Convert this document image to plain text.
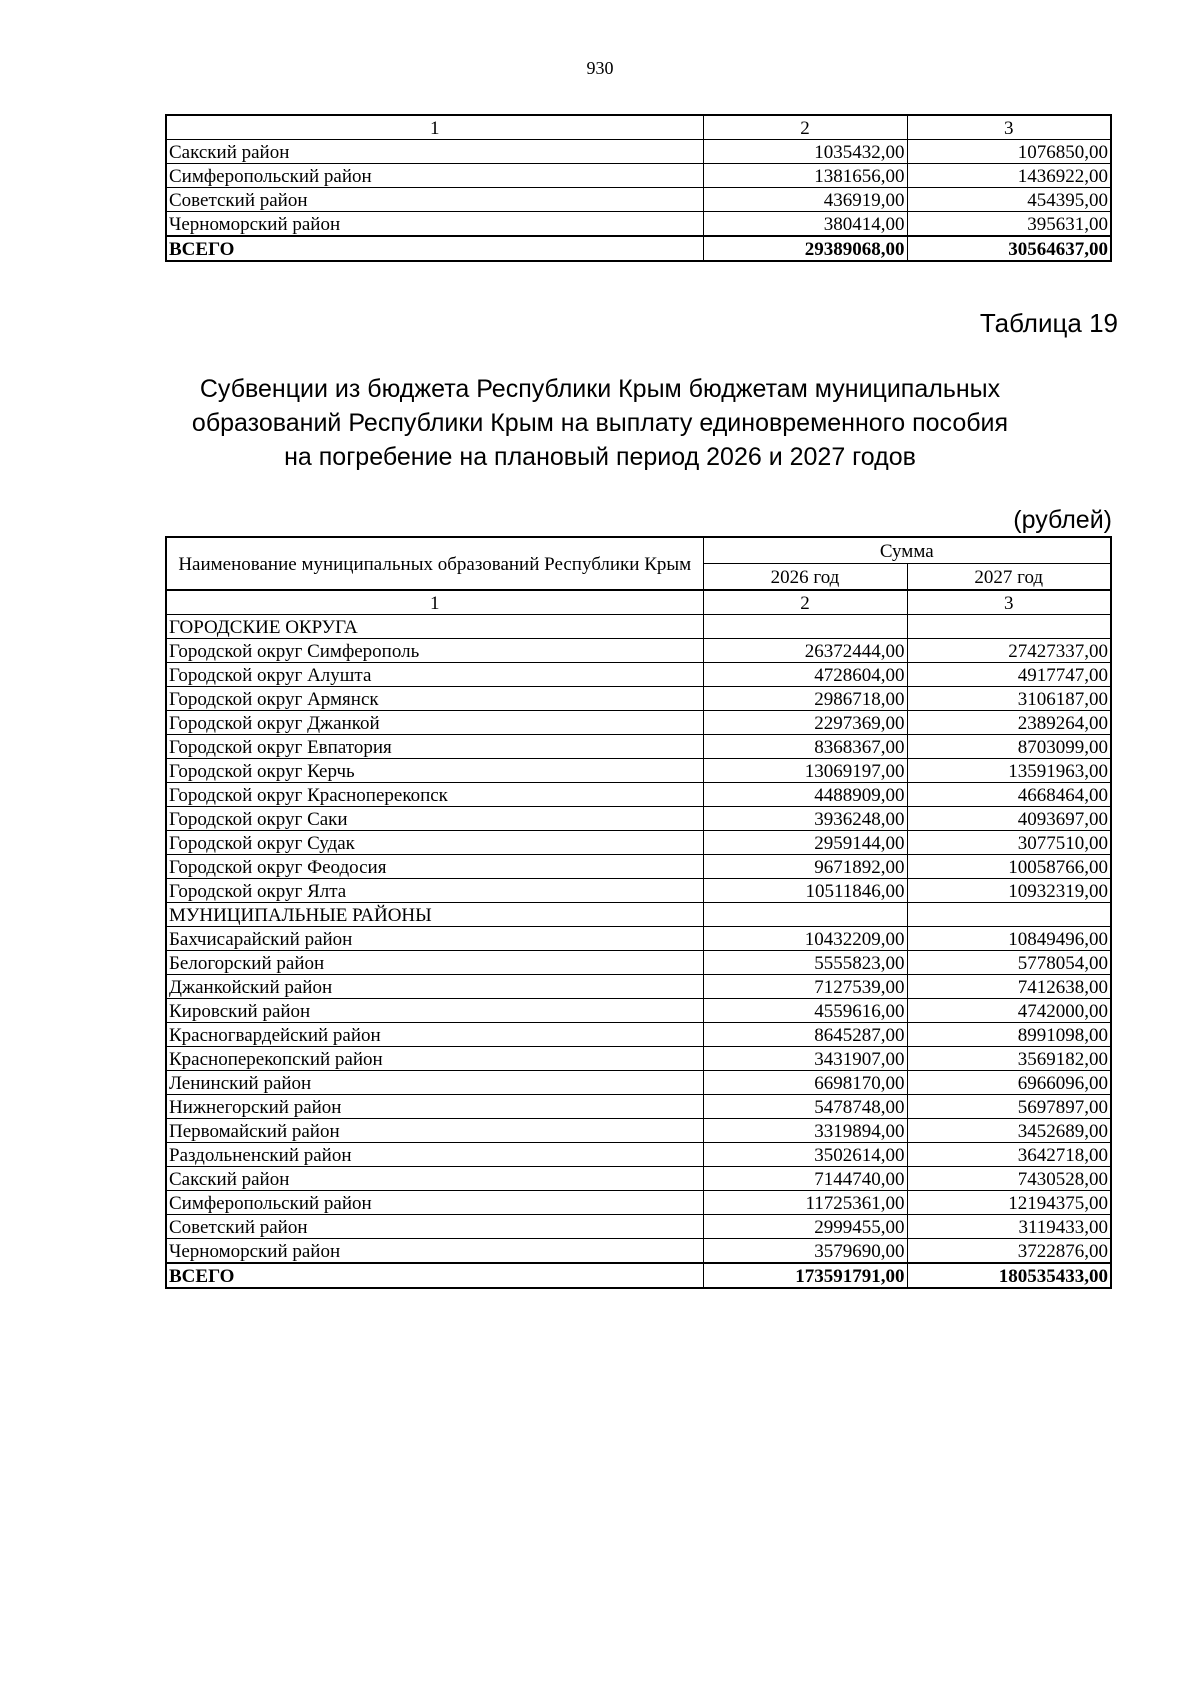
930
1	2	3
Сакский район	1035432,00	1076850,00
Симферопольский район	1381656,00	1436922,00
Советский район	436919,00	454395,00
Черноморский район	380414,00	395631,00
ВСЕГО	29389068,00	30564637,00
Таблица 19
Субвенции из бюджета Республики Крым бюджетам муниципальных
образований Республики Крым на выплату единовременного пособия
на погребение на плановый период 2026 и 2027 годов
(рублей)
Наименование муниципальных образований Республики Крым	Сумма	
	2026 год	2027 год
1	2	3
ГОРОДСКИЕ ОКРУГА		
Городской округ Симферополь	26372444,00	27427337,00
Городской округ Алушта	4728604,00	4917747,00
Городской округ Армянск	2986718,00	3106187,00
Городской округ Джанкой	2297369,00	2389264,00
Городской округ Евпатория	8368367,00	8703099,00
Городской округ Керчь	13069197,00	13591963,00
Городской округ Красноперекопск	4488909,00	4668464,00
Городской округ Саки	3936248,00	4093697,00
Городской округ Судак	2959144,00	3077510,00
Городской округ Феодосия	9671892,00	10058766,00
Городской округ Ялта	10511846,00	10932319,00
МУНИЦИПАЛЬНЫЕ РАЙОНЫ		
Бахчисарайский район	10432209,00	10849496,00
Белогорский район	5555823,00	5778054,00
Джанкойский район	7127539,00	7412638,00
Кировский район	4559616,00	4742000,00
Красногвардейский район	8645287,00	8991098,00
Красноперекопский район	3431907,00	3569182,00
Ленинский район	6698170,00	6966096,00
Нижнегорский район	5478748,00	5697897,00
Первомайский район	3319894,00	3452689,00
Раздольненский район	3502614,00	3642718,00
Сакский район	7144740,00	7430528,00
Симферопольский район	11725361,00	12194375,00
Советский район	2999455,00	3119433,00
Черноморский район	3579690,00	3722876,00
ВСЕГО	173591791,00	180535433,00
